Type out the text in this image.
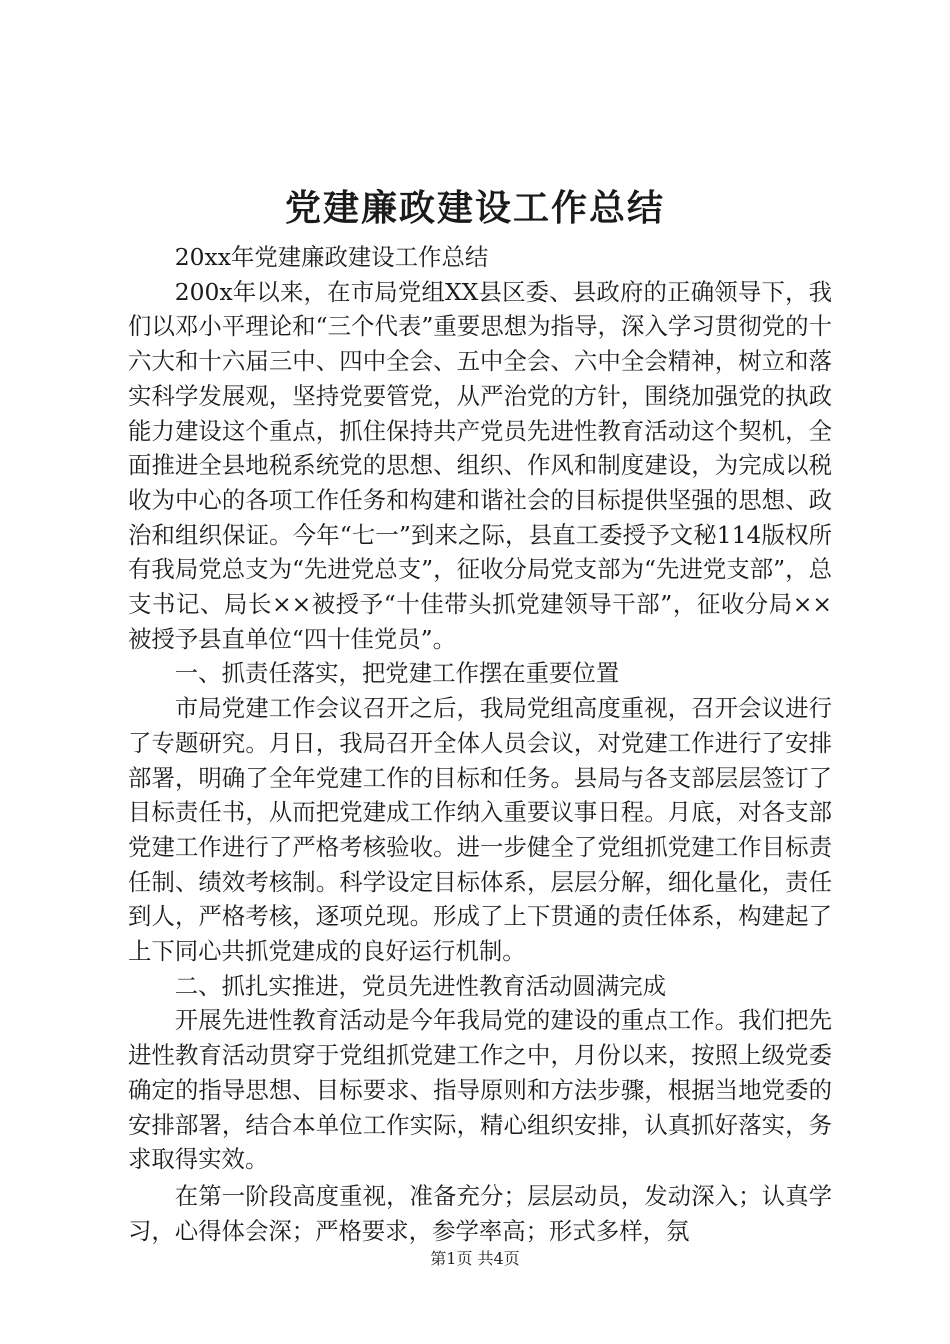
党建廉政建设工作总结

20xx年党建廉政建设工作总结

200x年以来，在市局党组XX县区委、县政府的正确领导下，我们以邓小平理论和“三个代表”重要思想为指导，深入学习贯彻党的十六大和十六届三中、四中全会、五中全会、六中全会精神，树立和落实科学发展观，坚持党要管党，从严治党的方针，围绕加强党的执政能力建设这个重点，抓住保持共产党员先进性教育活动这个契机，全面推进全县地税系统党的思想、组织、作风和制度建设，为完成以税收为中心的各项工作任务和构建和谐社会的目标提供坚强的思想、政治和组织保证。今年“七一”到来之际，县直工委授予文秘114版权所有我局党总支为“先进党总支”，征收分局党支部为“先进党支部”，总支书记、局长××被授予“十佳带头抓党建领导干部”，征收分局××被授予县直单位“四十佳党员”。

一、抓责任落实，把党建工作摆在重要位置

市局党建工作会议召开之后，我局党组高度重视，召开会议进行了专题研究。月日，我局召开全体人员会议，对党建工作进行了安排部署，明确了全年党建工作的目标和任务。县局与各支部层层签订了目标责任书，从而把党建成工作纳入重要议事日程。月底，对各支部党建工作进行了严格考核验收。进一步健全了党组抓党建工作目标责任制、绩效考核制。科学设定目标体系，层层分解，细化量化，责任到人，严格考核，逐项兑现。形成了上下贯通的责任体系，构建起了上下同心共抓党建成的良好运行机制。

二、抓扎实推进，党员先进性教育活动圆满完成

开展先进性教育活动是今年我局党的建设的重点工作。我们把先进性教育活动贯穿于党组抓党建工作之中，月份以来，按照上级党委确定的指导思想、目标要求、指导原则和方法步骤，根据当地党委的安排部署，结合本单位工作实际，精心组织安排，认真抓好落实，务求取得实效。

在第一阶段高度重视，准备充分；层层动员，发动深入；认真学习，心得体会深；严格要求，参学率高；形式多样，氛

第1页 共4页
